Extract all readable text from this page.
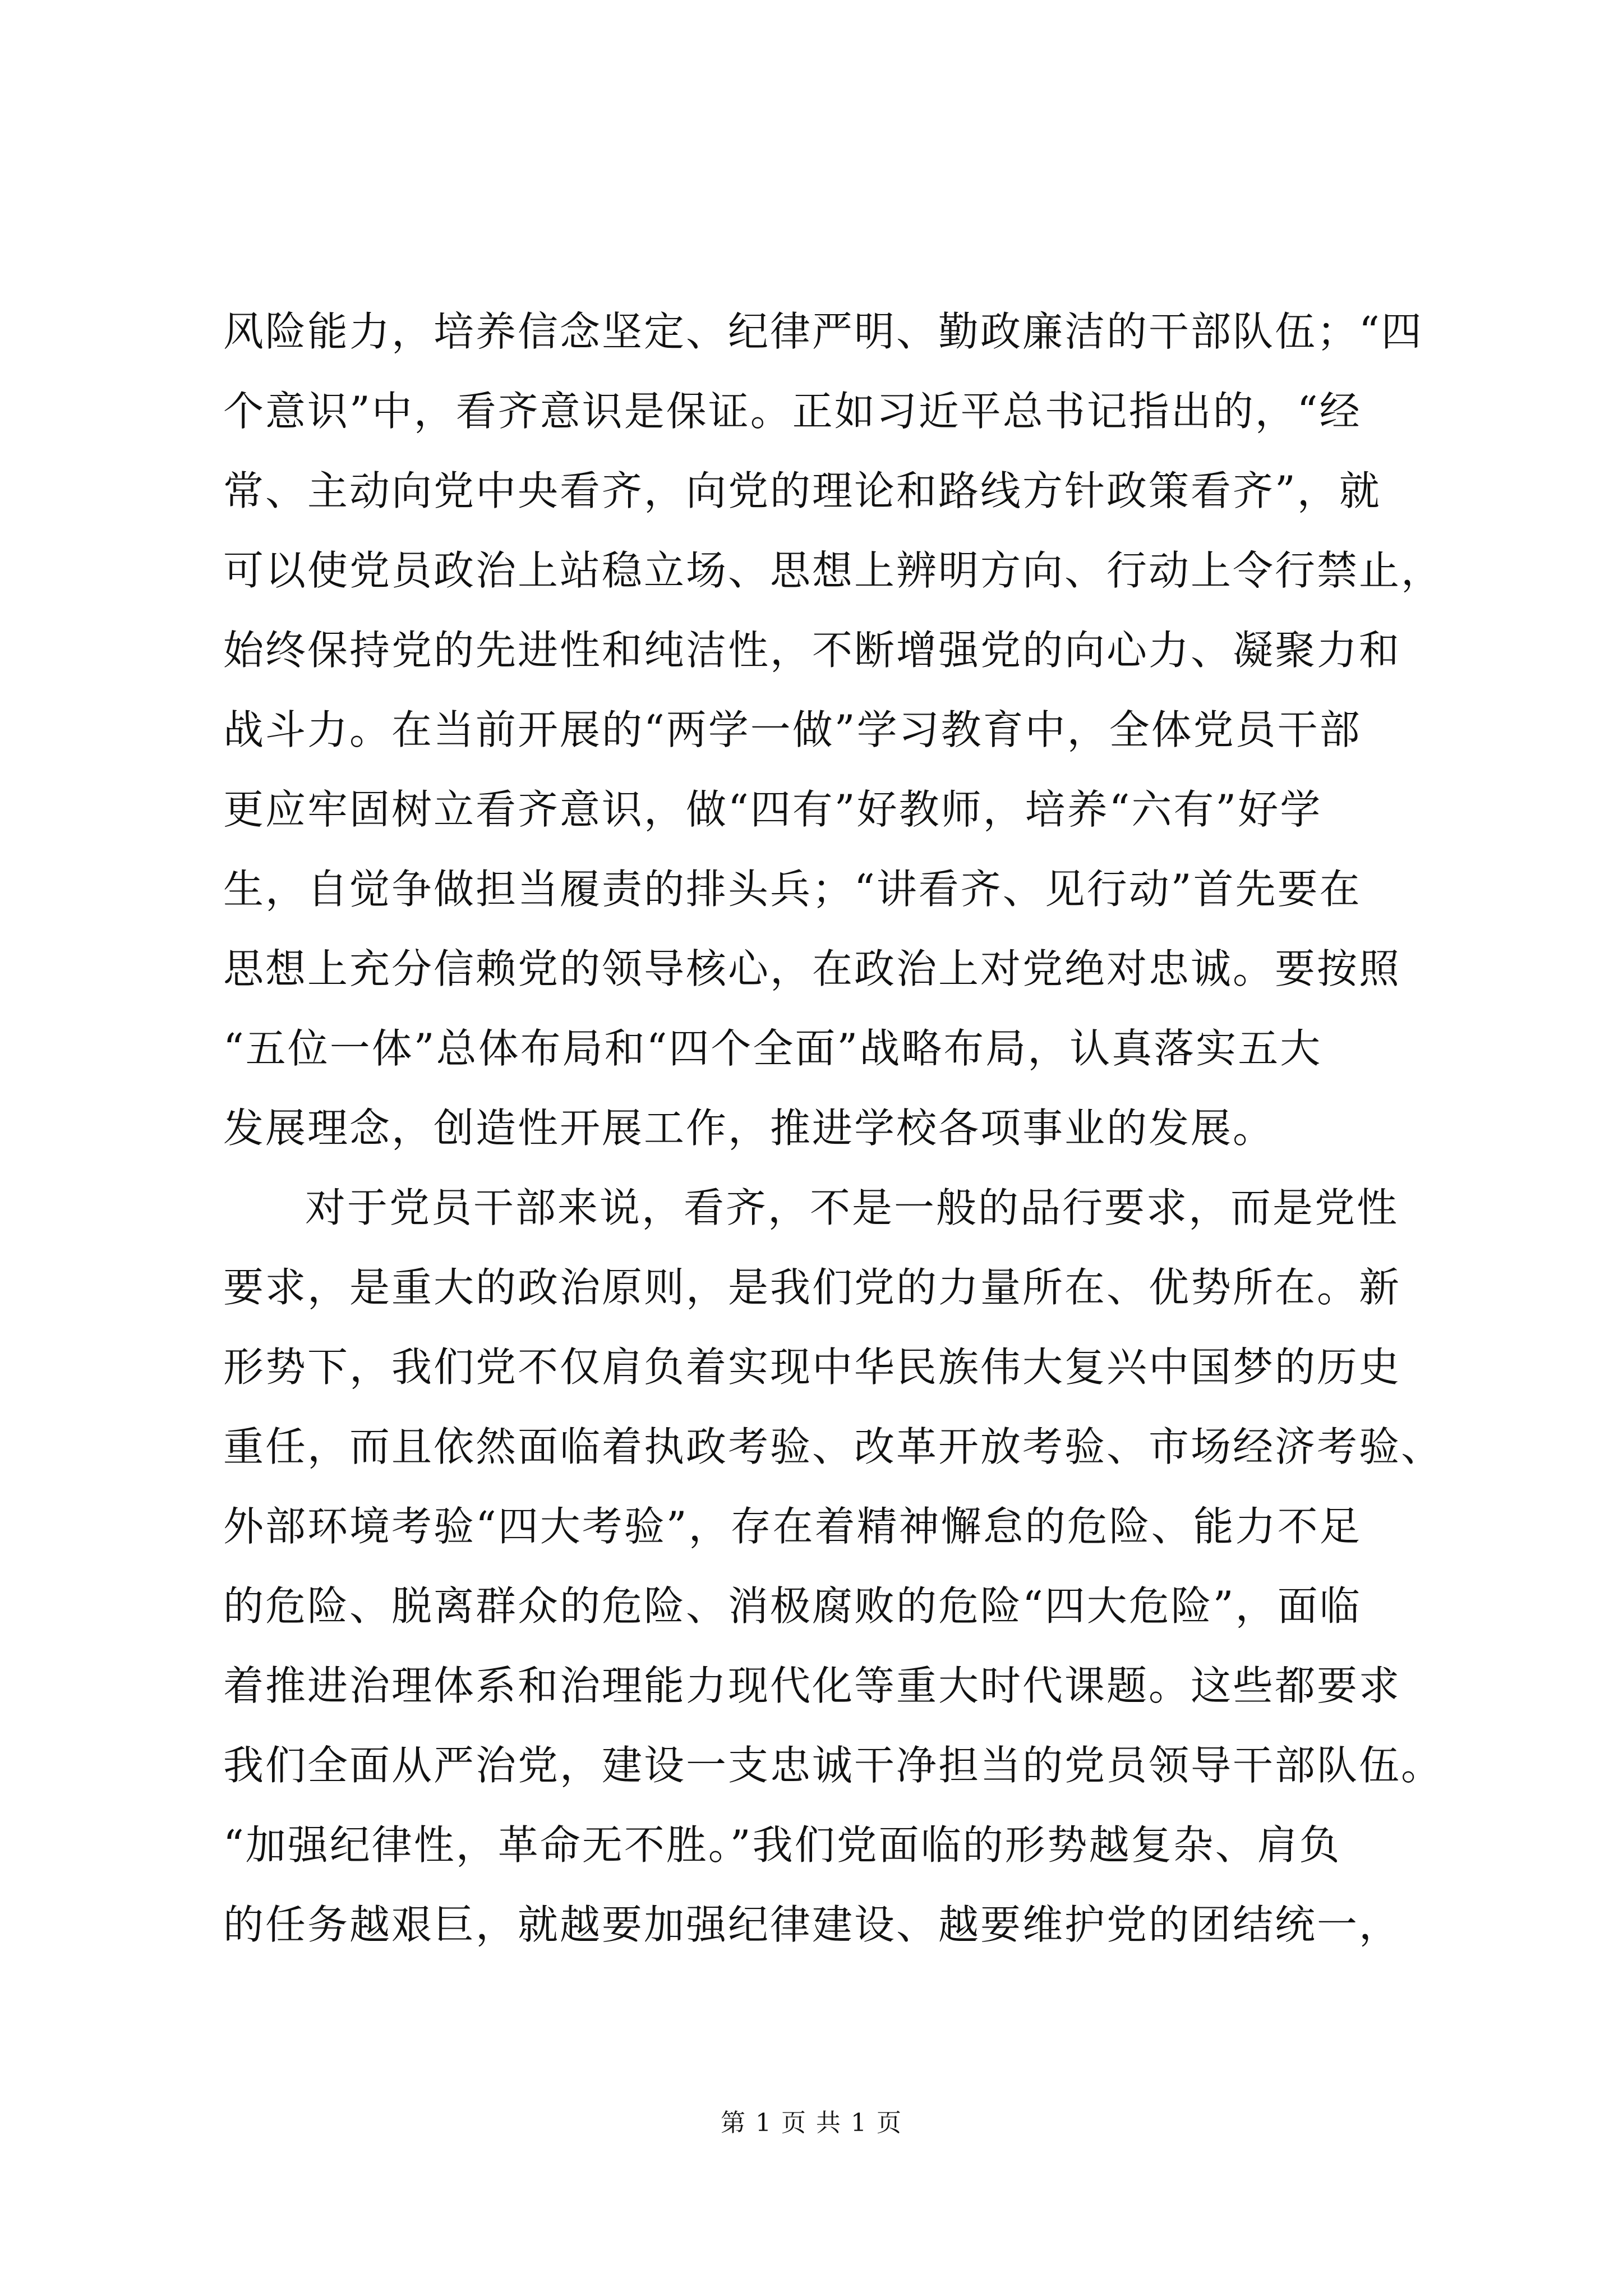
风险能力，培养信念坚定、纪律严明、勤政廉洁的干部队伍；“四
个意识”中，看齐意识是保证。正如习近平总书记指出的，“经
常、主动向党中央看齐，向党的理论和路线方针政策看齐”，就
可以使党员政治上站稳立场、思想上辨明方向、行动上令行禁止，
始终保持党的先进性和纯洁性，不断增强党的向心力、凝聚力和
战斗力。在当前开展的“两学一做”学习教育中，全体党员干部
更应牢固树立看齐意识，做“四有”好教师，培养“六有”好学
生，自觉争做担当履责的排头兵；“讲看齐、见行动”首先要在
思想上充分信赖党的领导核心，在政治上对党绝对忠诚。要按照
“五位一体”总体布局和“四个全面”战略布局，认真落实五大
发展理念，创造性开展工作，推进学校各项事业的发展。
对于党员干部来说，看齐，不是一般的品行要求，而是党性
要求，是重大的政治原则，是我们党的力量所在、优势所在。新
形势下，我们党不仅肩负着实现中华民族伟大复兴中国梦的历史
重任，而且依然面临着执政考验、改革开放考验、市场经济考验、
外部环境考验“四大考验”，存在着精神懈怠的危险、能力不足
的危险、脱离群众的危险、消极腐败的危险“四大危险”，面临
着推进治理体系和治理能力现代化等重大时代课题。这些都要求
我们全面从严治党，建设一支忠诚干净担当的党员领导干部队伍。
“加强纪律性，革命无不胜。”我们党面临的形势越复杂、肩负
的任务越艰巨，就越要加强纪律建设、越要维护党的团结统一，
第 1 页 共 1 页
